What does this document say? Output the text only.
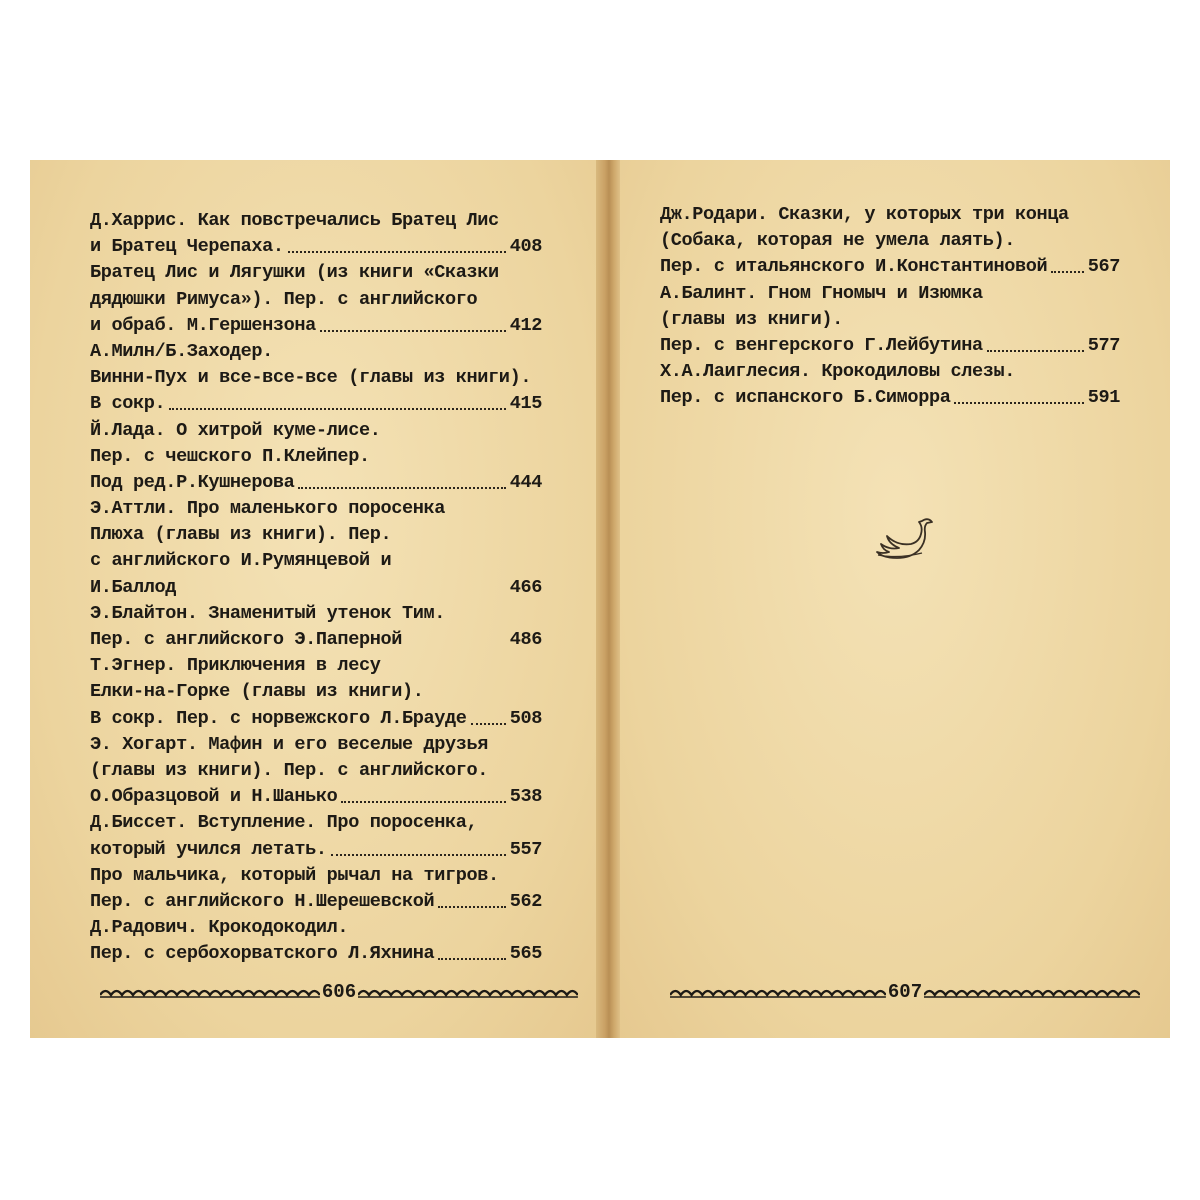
Д.Харрис. Как повстречались Братец Лис
и Братец Черепаха.	408
Братец Лис и Лягушки (из книги «Сказки
дядюшки Римуса»). Пер. с английского
и обраб. М.Гершензона	412
А.Милн/Б.Заходер.
Винни-Пух и все-все-все (главы из книги).
В сокр.	415
Й.Лада. О хитрой куме-лисе.
Пер. с чешского П.Клейпер.
Под ред.Р.Кушнерова	444
Э.Аттли. Про маленького поросенка
Плюха (главы из книги). Пер.
с английского И.Румянцевой и
И.Баллод	466
Э.Блайтон. Знаменитый утенок Тим.
Пер. с английского Э.Паперной	486
Т.Эгнер. Приключения в лесу
Елки-на-Горке (главы из книги).
В сокр. Пер. с норвежского Л.Брауде 508
Э. Хогарт. Мафин и его веселые друзья
(главы из книги). Пер. с английского.
О.Образцовой и Н.Шанько	538
Д.Биссет. Вступление. Про поросенка,
который учился летать.	557
Про мальчика, который рычал на тигров.
Пер. с английского Н.Шерешевской	562
Д.Радович. Крокодокодил.
Пер. с сербохорватского Л.Яхнина	565
606
Дж.Родари. Сказки, у которых три конца
(Собака, которая не умела лаять).
Пер. с итальянского И.Константиновой 567
А.Балинт. Гном Гномыч и Изюмка
(главы из книги).
Пер. с венгерского Г.Лейбутина	577
Х.А.Лаиглесия. Крокодиловы слезы.
Пер. с испанского Б.Симорра	591
607
